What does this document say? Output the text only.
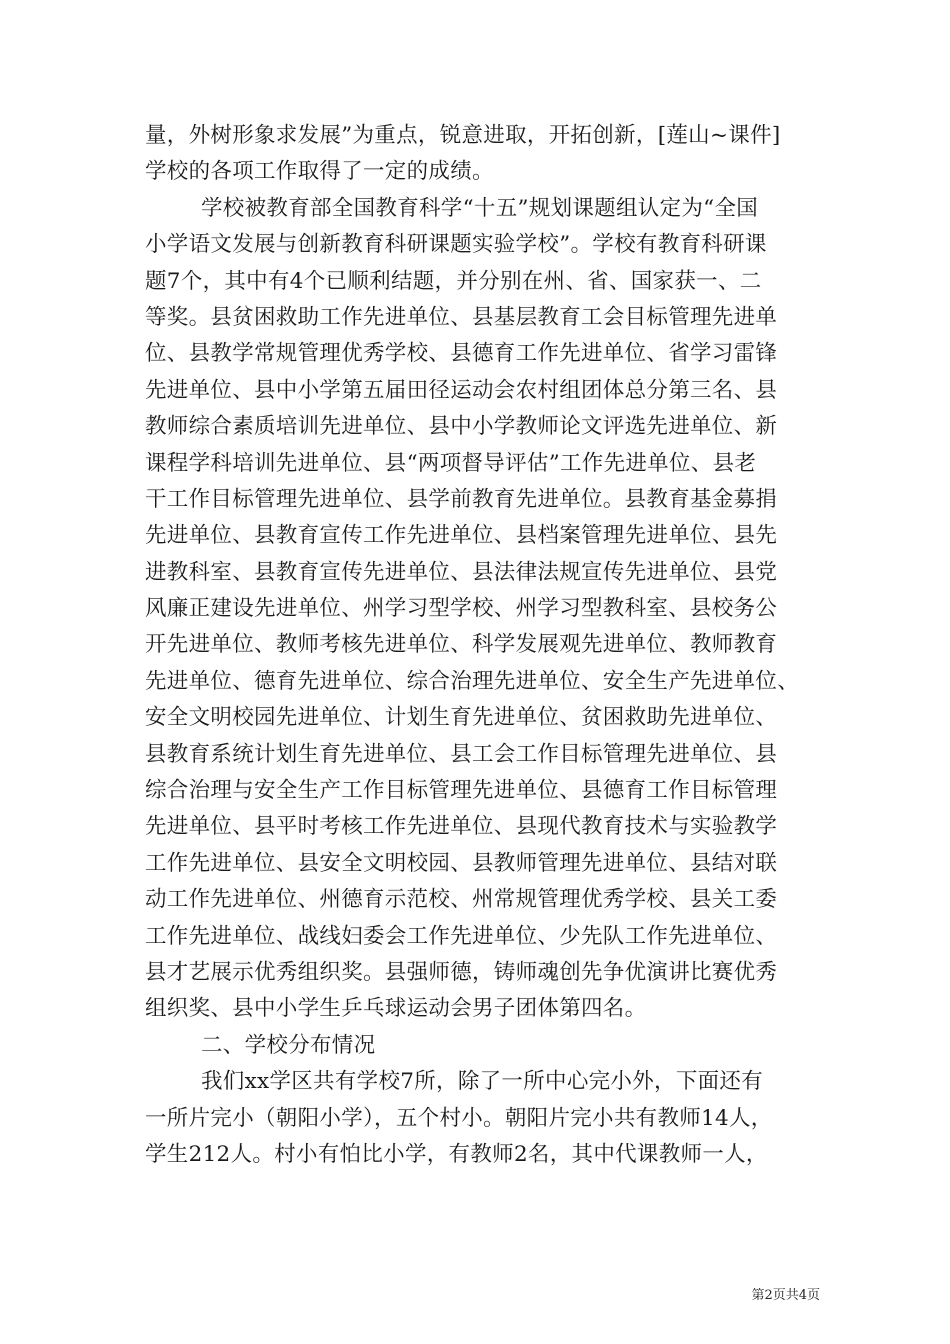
量，外树形象求发展”为重点，锐意进取，开拓创新，[莲山~课件]
学校的各项工作取得了一定的成绩。
学校被教育部全国教育科学“十五”规划课题组认定为“全国
小学语文发展与创新教育科研课题实验学校”。学校有教育科研课
题7个，其中有4个已顺利结题，并分别在州、省、国家获一、二
等奖。县贫困救助工作先进单位、县基层教育工会目标管理先进单
位、县教学常规管理优秀学校、县德育工作先进单位、省学习雷锋
先进单位、县中小学第五届田径运动会农村组团体总分第三名、县
教师综合素质培训先进单位、县中小学教师论文评选先进单位、新
课程学科培训先进单位、县“两项督导评估”工作先进单位、县老
干工作目标管理先进单位、县学前教育先进单位。县教育基金募捐
先进单位、县教育宣传工作先进单位、县档案管理先进单位、县先
进教科室、县教育宣传先进单位、县法律法规宣传先进单位、县党
风廉正建设先进单位、州学习型学校、州学习型教科室、县校务公
开先进单位、教师考核先进单位、科学发展观先进单位、教师教育
先进单位、德育先进单位、综合治理先进单位、安全生产先进单位、
安全文明校园先进单位、计划生育先进单位、贫困救助先进单位、
县教育系统计划生育先进单位、县工会工作目标管理先进单位、县
综合治理与安全生产工作目标管理先进单位、县德育工作目标管理
先进单位、县平时考核工作先进单位、县现代教育技术与实验教学
工作先进单位、县安全文明校园、县教师管理先进单位、县结对联
动工作先进单位、州德育示范校、州常规管理优秀学校、县关工委
工作先进单位、战线妇委会工作先进单位、少先队工作先进单位、
县才艺展示优秀组织奖。县强师德，铸师魂创先争优演讲比赛优秀
组织奖、县中小学生乒乓球运动会男子团体第四名。
二、学校分布情况
我们xx学区共有学校7所，除了一所中心完小外，下面还有
一所片完小（朝阳小学），五个村小。朝阳片完小共有教师14人，
学生212人。村小有怕比小学，有教师2名，其中代课教师一人，
第2页共4页
